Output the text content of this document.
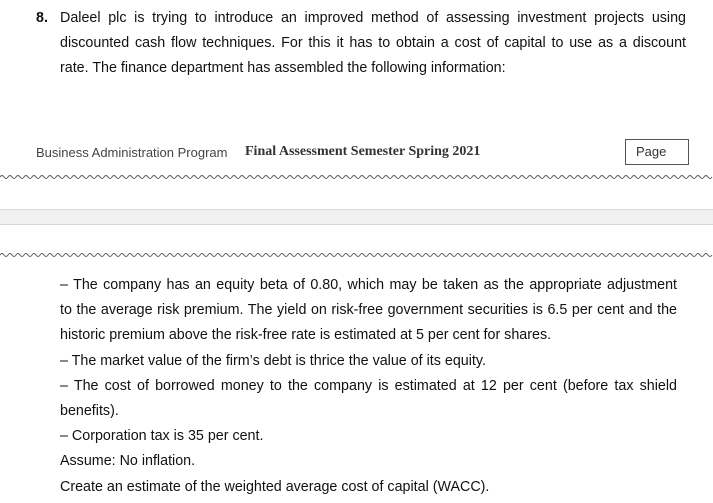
8. Daleel plc is trying to introduce an improved method of assessing investment projects using
discounted cash flow techniques. For this it has to obtain a cost of capital to use as a discount
rate. The finance department has assembled the following information:
Business Administration Program Final Assessment Semester Spring 2021	Page
– The company has an equity beta of 0.80, which may be taken as the appropriate adjustment
to the average risk premium. The yield on risk-free government securities is 6.5 per cent and the
historic premium above the risk-free rate is estimated at 5 per cent for shares.
– The market value of the firm’s debt is thrice the value of its equity.
– The cost of borrowed money to the company is estimated at 12 per cent (before tax shield
benefits).
– Corporation tax is 35 per cent.
Assume: No inflation.
Create an estimate of the weighted average cost of capital (WACC).
